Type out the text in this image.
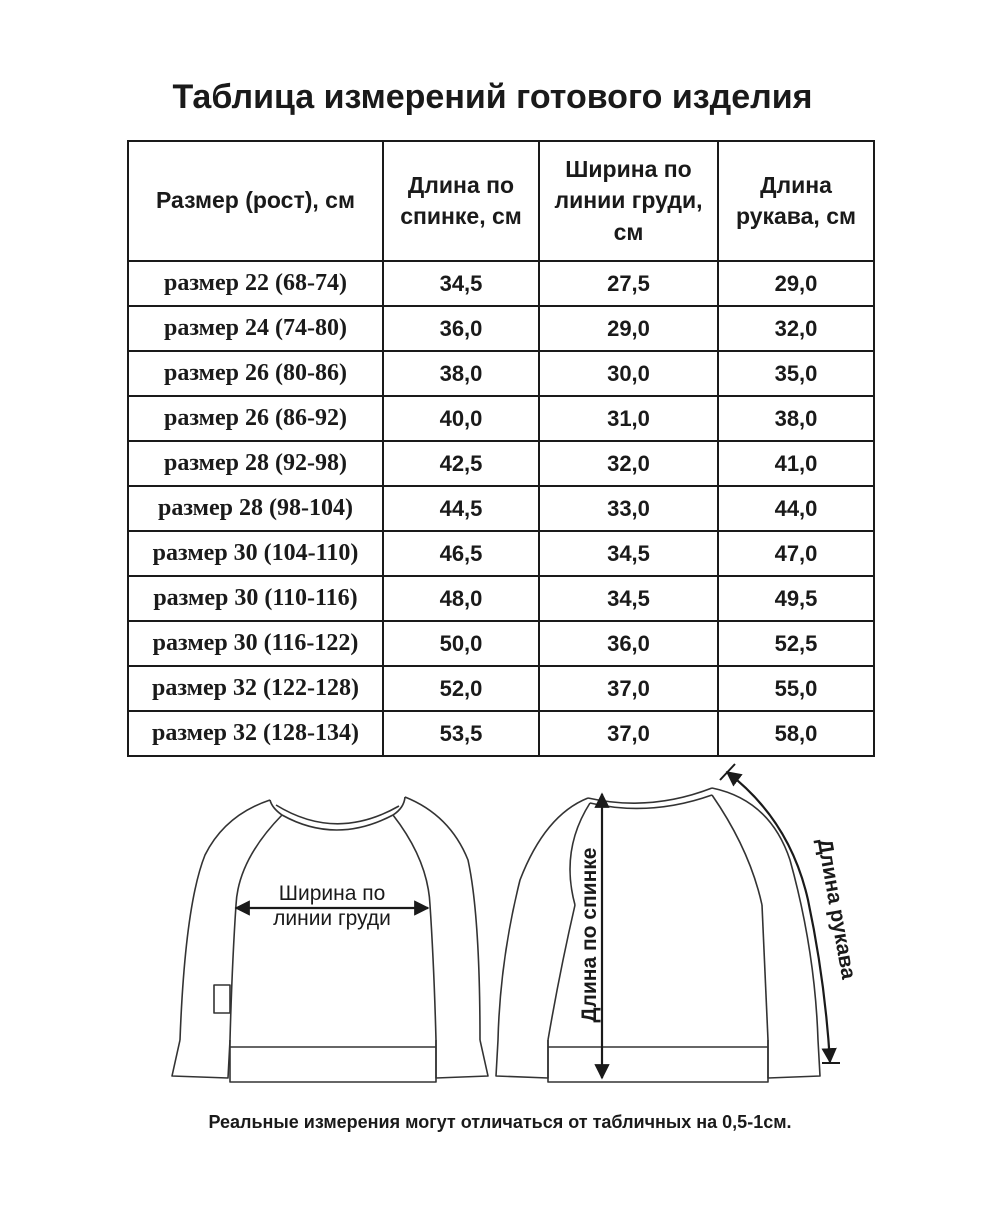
Таблица измерений готового изделия
Размер (рост), см	Длина по спинке, см	Ширина по линии груди, см	Длина рукава, см
размер 22 (68-74)	34,5	27,5	29,0
размер 24 (74-80)	36,0	29,0	32,0
размер 26 (80-86)	38,0	30,0	35,0
размер 26 (86-92)	40,0	31,0	38,0
размер 28 (92-98)	42,5	32,0	41,0
размер 28 (98-104)	44,5	33,0	44,0
размер 30 (104-110)	46,5	34,5	47,0
размер 30 (110-116)	48,0	34,5	49,5
размер 30 (116-122)	50,0	36,0	52,5
размер 32 (122-128)	52,0	37,0	55,0
размер 32 (128-134)	53,5	37,0	58,0
Ширина по
линии груди	Длина по спинке	Длина рукава
Реальные измерения могут отличаться от табличных на 0,5-1см.
